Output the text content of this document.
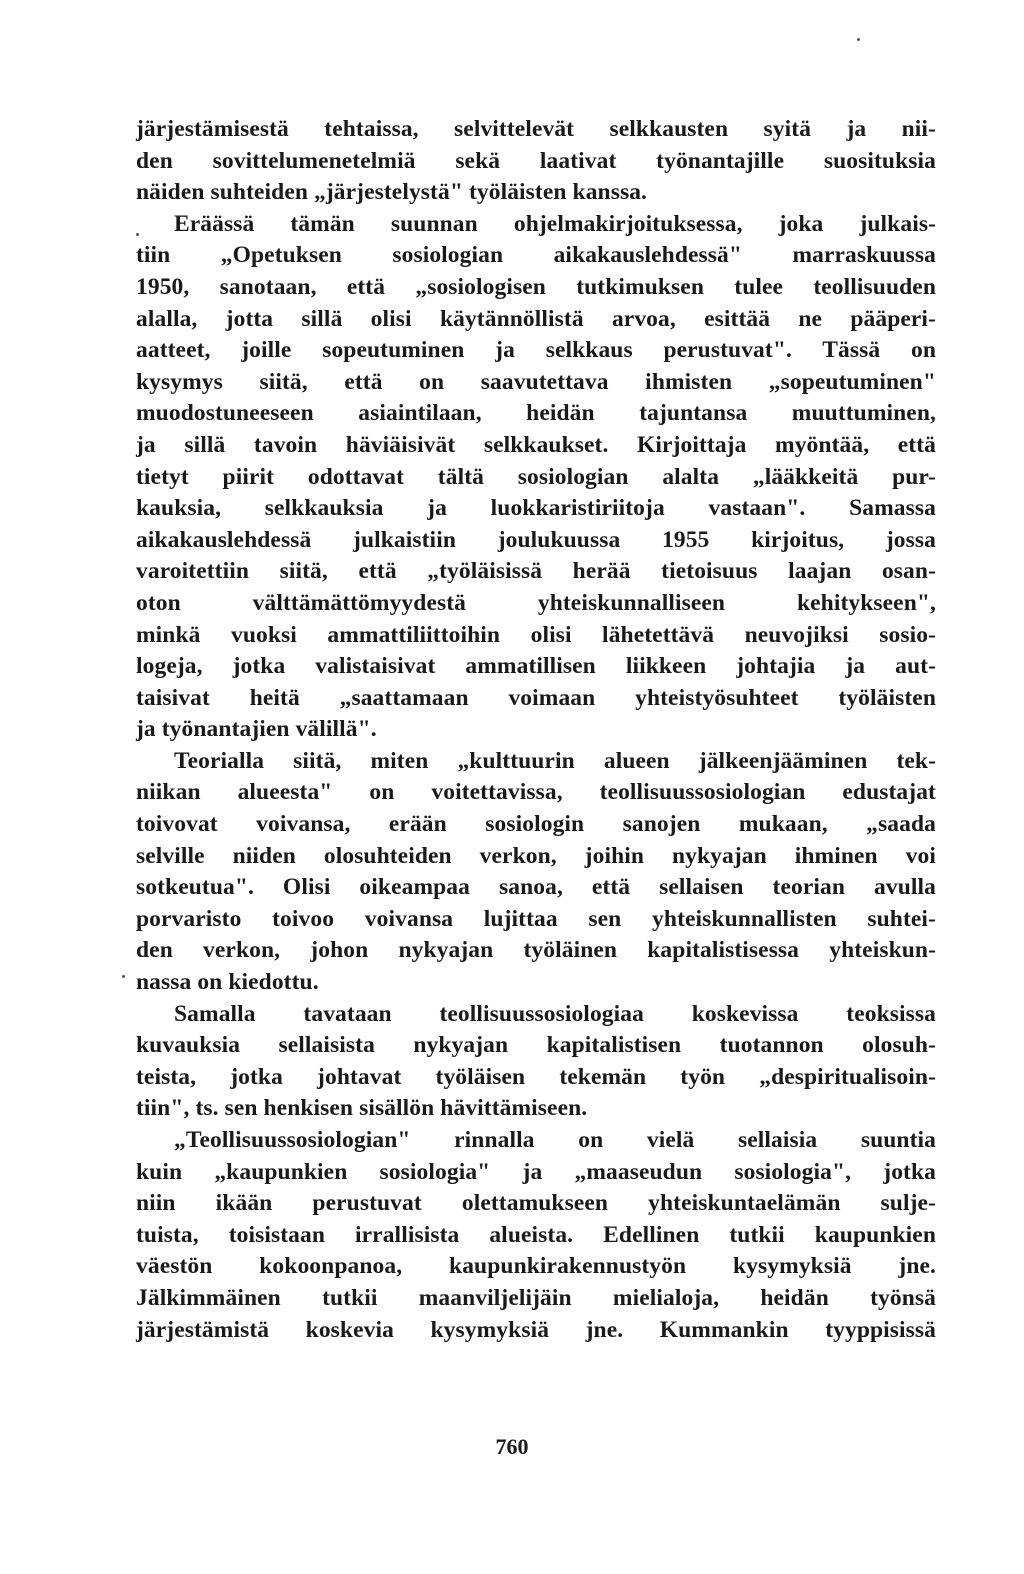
järjestämisestä tehtaissa, selvittelevät selkkausten syitä ja nii-
den sovittelumenetelmiä sekä laativat työnantajille suosituksia
näiden suhteiden „järjestelystä" työläisten kanssa.
Eräässä tämän suunnan ohjelmakirjoituksessa, joka julkais-
tiin „Opetuksen sosiologian aikakauslehdessä" marraskuussa
1950, sanotaan, että „sosiologisen tutkimuksen tulee teollisuuden
alalla, jotta sillä olisi käytännöllistä arvoa, esittää ne pääperi-
aatteet, joille sopeutuminen ja selkkaus perustuvat". Tässä on
kysymys siitä, että on saavutettava ihmisten „sopeutuminen"
muodostuneeseen asiaintilaan, heidän tajuntansa muuttuminen,
ja sillä tavoin häviäisivät selkkaukset. Kirjoittaja myöntää, että
tietyt piirit odottavat tältä sosiologian alalta „lääkkeitä pur-
kauksia, selkkauksia ja luokkaristiriitoja vastaan". Samassa
aikakauslehdessä julkaistiin joulukuussa 1955 kirjoitus, jossa
varoitettiin siitä, että „työläisissä herää tietoisuus laajan osan-
oton välttämättömyydestä yhteiskunnalliseen kehitykseen",
minkä vuoksi ammattiliittoihin olisi lähetettävä neuvojiksi sosio-
logeja, jotka valistaisivat ammatillisen liikkeen johtajia ja aut-
taisivat heitä „saattamaan voimaan yhteistyösuhteet työläisten
ja työnantajien välillä".
Teorialla siitä, miten „kulttuurin alueen jälkeenjääminen tek-
niikan alueesta" on voitettavissa, teollisuussosiologian edustajat
toivovat voivansa, erään sosiologin sanojen mukaan, „saada
selville niiden olosuhteiden verkon, joihin nykyajan ihminen voi
sotkeutua". Olisi oikeampaa sanoa, että sellaisen teorian avulla
porvaristo toivoo voivansa lujittaa sen yhteiskunnallisten suhtei-
den verkon, johon nykyajan työläinen kapitalistisessa yhteiskun-
nassa on kiedottu.
Samalla tavataan teollisuussosiologiaa koskevissa teoksissa
kuvauksia sellaisista nykyajan kapitalistisen tuotannon olosuh-
teista, jotka johtavat työläisen tekemän työn „despiritualisoin-
tiin", ts. sen henkisen sisällön hävittämiseen.
„Teollisuussosiologian" rinnalla on vielä sellaisia suuntia
kuin „kaupunkien sosiologia" ja „maaseudun sosiologia", jotka
niin ikään perustuvat olettamukseen yhteiskuntaelämän sulje-
tuista, toisistaan irrallisista alueista. Edellinen tutkii kaupunkien
väestön kokoonpanoa, kaupunkirakennustyön kysymyksiä jne.
Jälkimmäinen tutkii maanviljelijäin mielialoja, heidän työnsä
järjestämistä koskevia kysymyksiä jne. Kummankin tyyppisissä
760
